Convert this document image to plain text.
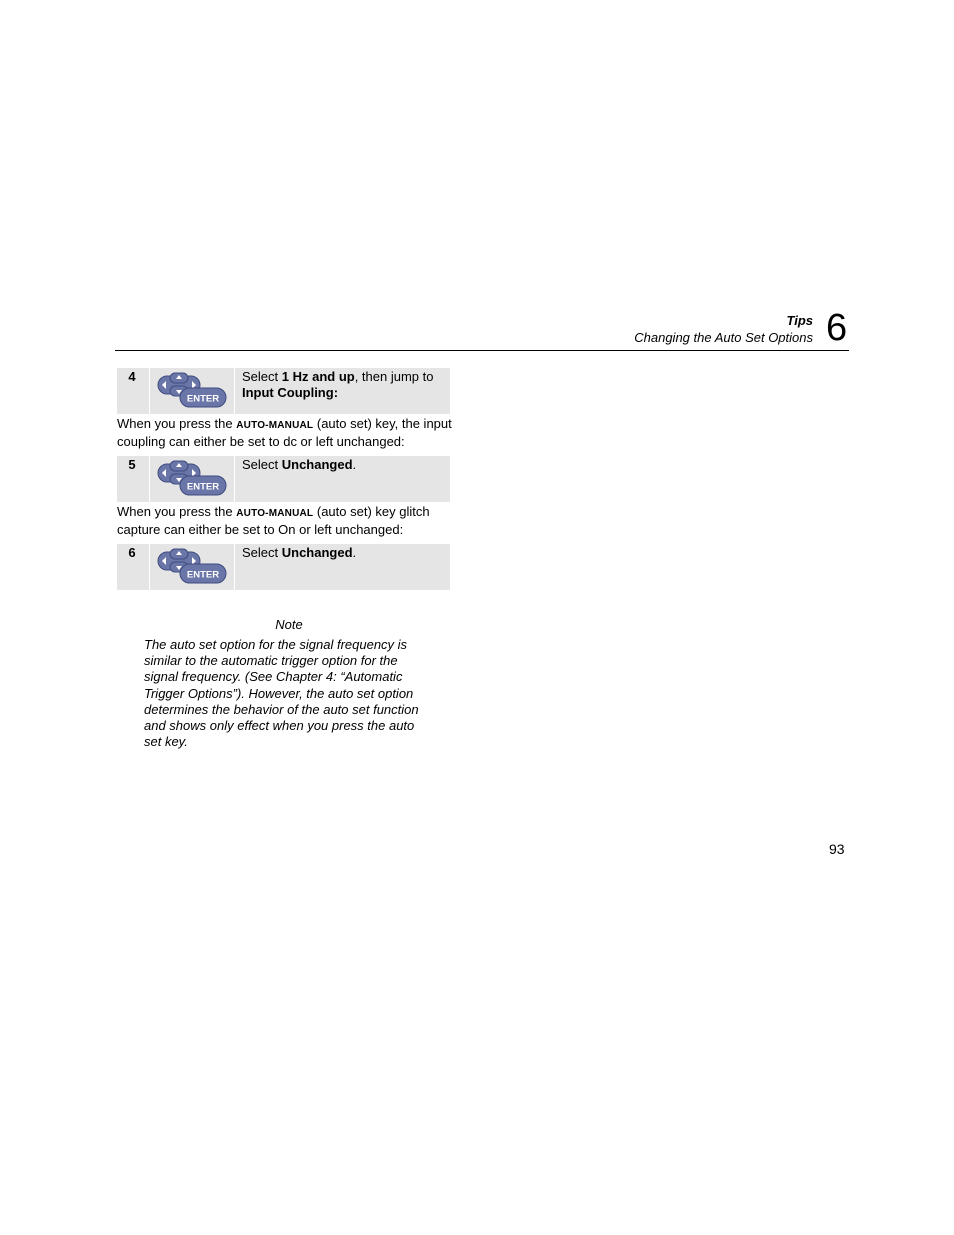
Tips
Changing the Auto Set Options 6
4
ENTER
Select 1 Hz and up, then jump to
Input Coupling:
When you press the AUTO-MANUAL (auto set) key, the input coupling can either be set to dc or left unchanged:
5
ENTER
Select Unchanged.
When you press the AUTO-MANUAL (auto set) key glitch capture can either be set to On or left unchanged:
6
ENTER
Select Unchanged.
Note
The auto set option for the signal frequency is similar to the automatic trigger option for the signal frequency. (See Chapter 4: “Automatic Trigger Options”). However, the auto set option determines the behavior of the auto set function and shows only effect when you press the auto set key.
93
